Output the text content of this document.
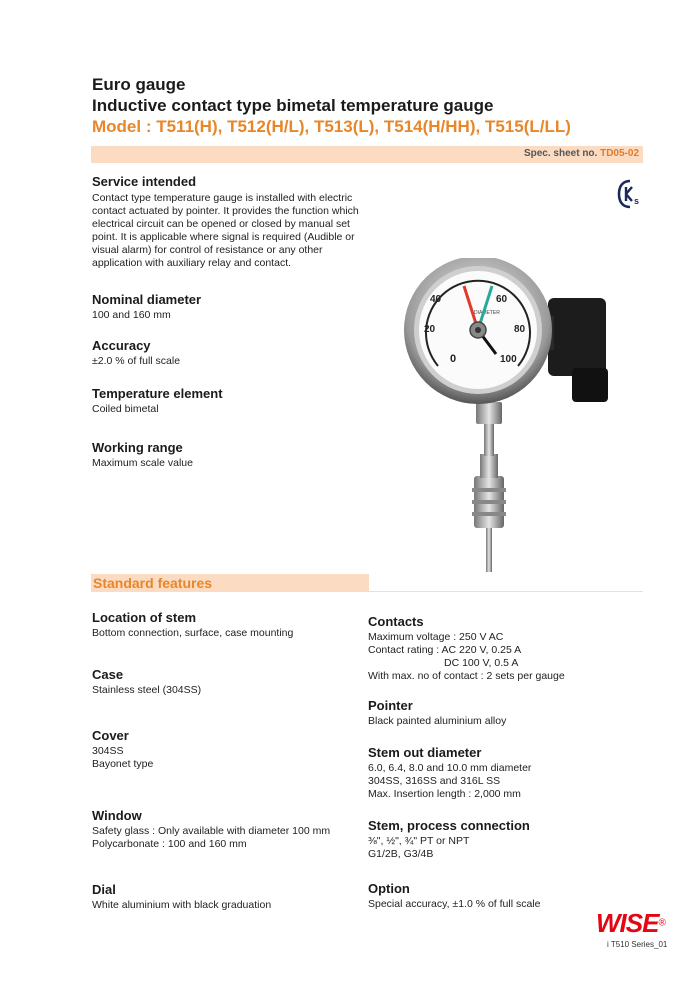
Euro gauge
Inductive contact type bimetal temperature gauge
Model : T511(H), T512(H/L), T513(L), T514(H/HH), T515(L/LL)
Spec. sheet no. TD05-02
s
Service intended
Contact type temperature gauge is installed with electric
contact actuated by pointer. It provides the function which
electrical circuit can be opened or closed by manual set
point. It is applicable where signal is required (Audible or
visual alarm) for control of resistance or any other
application with auxiliary relay and contact.
Nominal diameter
100 and 160 mm
Accuracy
±2.0 % of full scale
Temperature element
Coiled bimetal
Working range
Maximum scale value
0
20
40	60
80
100
DIAMETER
Standard features
Location of stem
Bottom connection, surface, case mounting
Case
Stainless steel (304SS)
Cover
304SS
Bayonet type
Window
Safety glass : Only available with diameter 100 mm
Polycarbonate : 100 and 160 mm
Dial
White aluminium with black graduation
Contacts
Maximum voltage : 250 V AC
Contact rating : AC 220 V, 0.25 A
DC 100 V, 0.5 A
With max. no of contact : 2 sets per gauge
Pointer
Black painted aluminium alloy
Stem out diameter
6.0, 6.4, 8.0 and 10.0 mm diameter
304SS, 316SS and 316L SS
Max. Insertion length : 2,000 mm
Stem, process connection
⅜", ½", ¾" PT or NPT
G1/2B, G3/4B
Option
Special accuracy, ±1.0 % of full scale
WISE®
i T510 Series_01
